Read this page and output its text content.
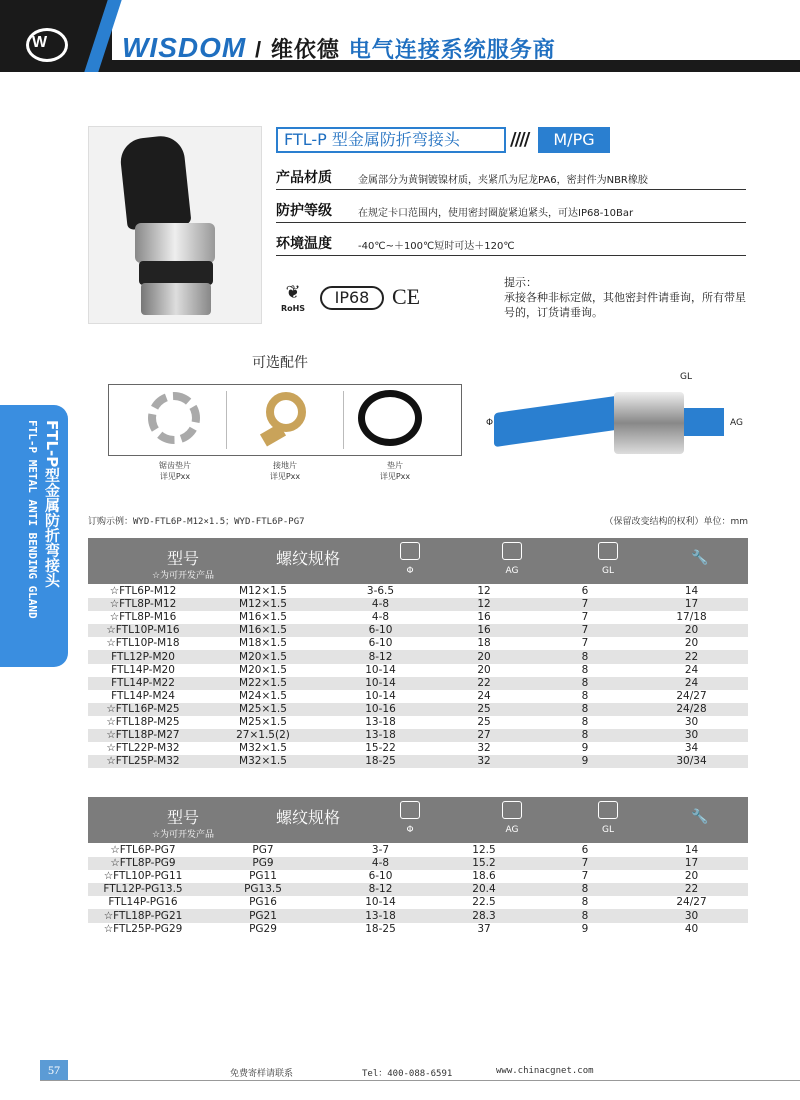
W	WISDOM / 维依德 电气连接系统服务商
FTL-P型金属防折弯接头
FTL-P METAL ANTI BENDING GLAND
FTL-P 型金属防折弯接头	////	M/PG
产品材质	金属部分为黄铜镀镍材质，夹紧爪为尼龙PA6，密封件为NBR橡胶
防护等级	在规定卡口范围内，使用密封圈旋紧迫紧头，可达IP68-10Bar
环境温度	-40℃~＋100℃短时可达＋120℃
❦
RoHS
IP68	CE
提示：
承接各种非标定做，其他密封件请垂询，所有带星号的，订货请垂询。
可选配件
锯齿垫片
详见Pxx
接地片
详见Pxx
垫片
详见Pxx
GL
AG
Φ
订购示例：WYD-FTL6P-M12×1.5；WYD-FTL6P-PG7	（保留改变结构的权利）单位：mm
型号
☆为可开发产品
螺纹规格
Φ	AG	GL
🔧
☆FTL6P-M12	M12×1.5	3-6.5	12	6	14
☆FTL8P-M12	M12×1.5	4-8	12	7	17
☆FTL8P-M16	M16×1.5	4-8	16	7	17/18
☆FTL10P-M16	M16×1.5	6-10	16	7	20
☆FTL10P-M18	M18×1.5	6-10	18	7	20
FTL12P-M20	M20×1.5	8-12	20	8	22
FTL14P-M20	M20×1.5	10-14	20	8	24
FTL14P-M22	M22×1.5	10-14	22	8	24
FTL14P-M24	M24×1.5	10-14	24	8	24/27
☆FTL16P-M25	M25×1.5	10-16	25	8	24/28
☆FTL18P-M25	M25×1.5	13-18	25	8	30
☆FTL18P-M27	27×1.5(2)	13-18	27	8	30
☆FTL22P-M32	M32×1.5	15-22	32	9	34
☆FTL25P-M32	M32×1.5	18-25	32	9	30/34
型号
☆为可开发产品
螺纹规格
Φ	AG	GL
🔧
☆FTL6P-PG7	PG7	3-7	12.5	6	14
☆FTL8P-PG9	PG9	4-8	15.2	7	17
☆FTL10P-PG11	PG11	6-10	18.6	7	20
FTL12P-PG13.5	PG13.5	8-12	20.4	8	22
FTL14P-PG16	PG16	10-14	22.5	8	24/27
☆FTL18P-PG21	PG21	13-18	28.3	8	30
☆FTL25P-PG29	PG29	18-25	37	9	40
57	免费寄样请联系	Tel：400-088-6591	www.chinacgnet.com
